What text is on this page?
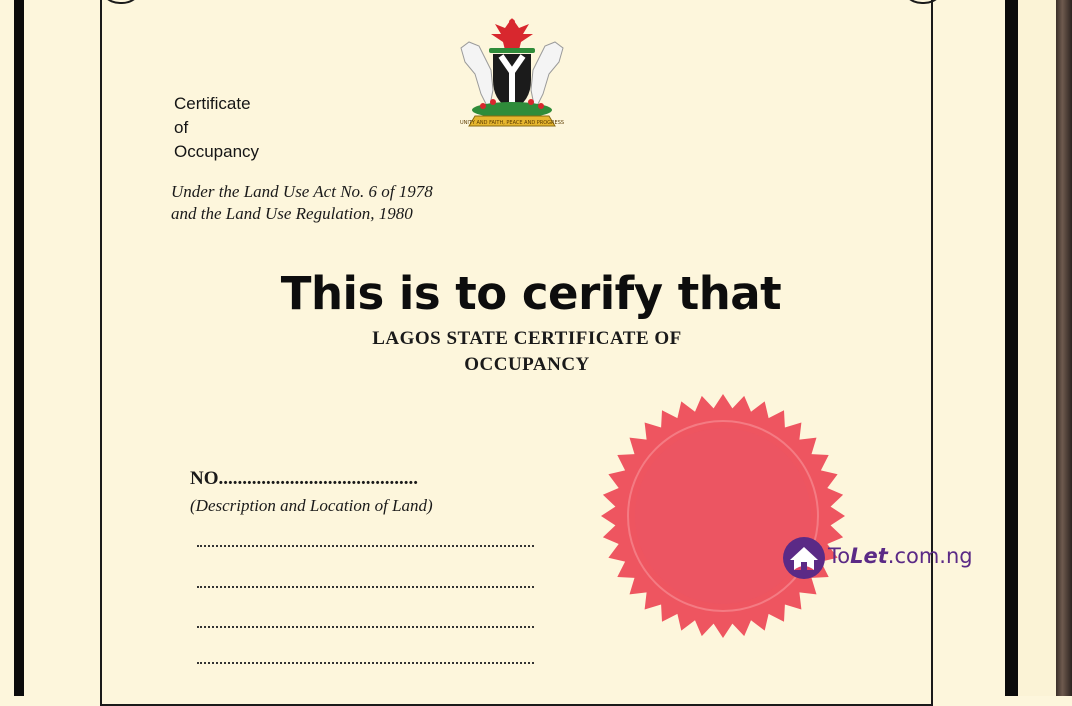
UNITY AND FAITH, PEACE AND PROGRESS
Certificate
of
Occupancy
Under the Land Use Act No. 6 of 1978
and the Land Use Regulation, 1980
This is to cerify that
LAGOS STATE CERTIFICATE OF
OCCUPANCY
NO..........................................
(Description and Location of Land)
ToLet.com.ng
